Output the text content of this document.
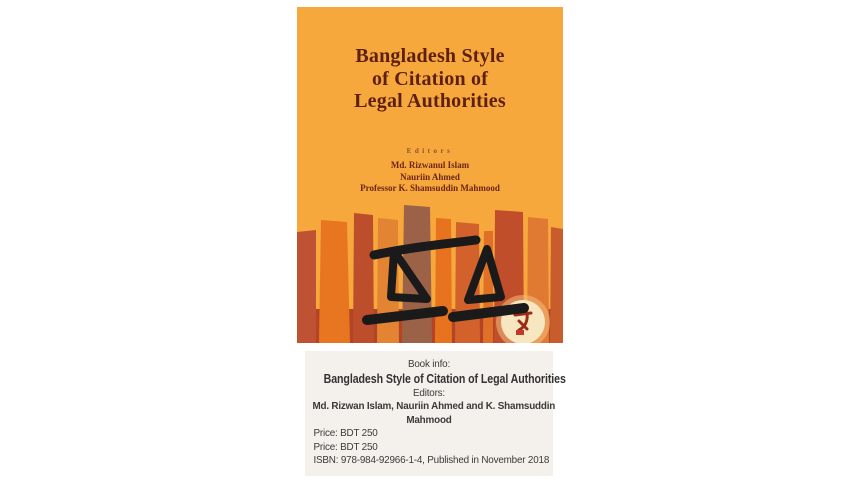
Bangladesh Style
of Citation of
Legal Authorities
Editors
Md. Rizwanul Islam
Nauriin Ahmed
Professor K. Shamsuddin Mahmood
Book info:
Bangladesh Style of Citation of Legal Authorities
Editors:
Md. Rizwan Islam, Nauriin Ahmed and K. Shamsuddin
Mahmood
Price: BDT 250
Price: BDT 250
ISBN: 978-984-92966-1-4, Published in November 2018
